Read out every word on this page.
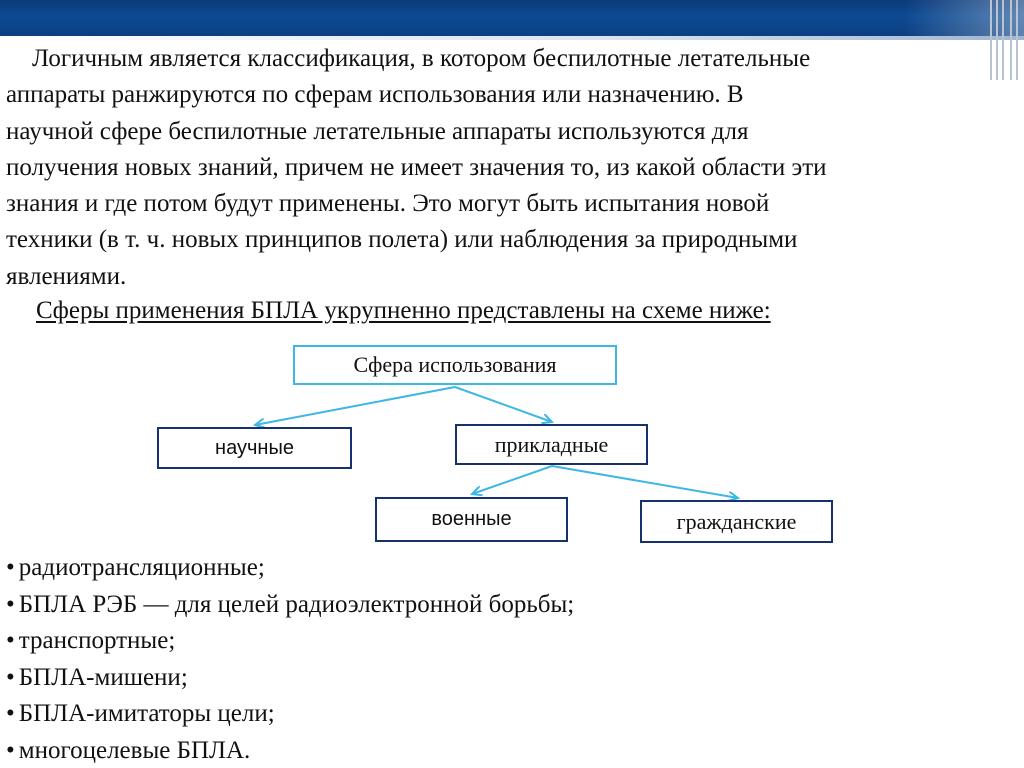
Логичным является классификация, в котором беспилотные летательные
аппараты ранжируются по сферам использования или назначению. В
научной сфере беспилотные летательные аппараты используются для
получения новых знаний, причем не имеет значения то, из какой области эти
знания и где потом будут применены. Это могут быть испытания новой
техники (в т. ч. новых принципов полета) или наблюдения за природными
явлениями.
Сферы применения БПЛА укрупненно представлены на схеме ниже:
Сфера использования
научные	прикладные
военные	гражданские
• радиотрансляционные;
• БПЛА РЭБ — для целей радиоэлектронной борьбы;
• транспортные;
• БПЛА-мишени;
• БПЛА-имитаторы цели;
• многоцелевые БПЛА.
